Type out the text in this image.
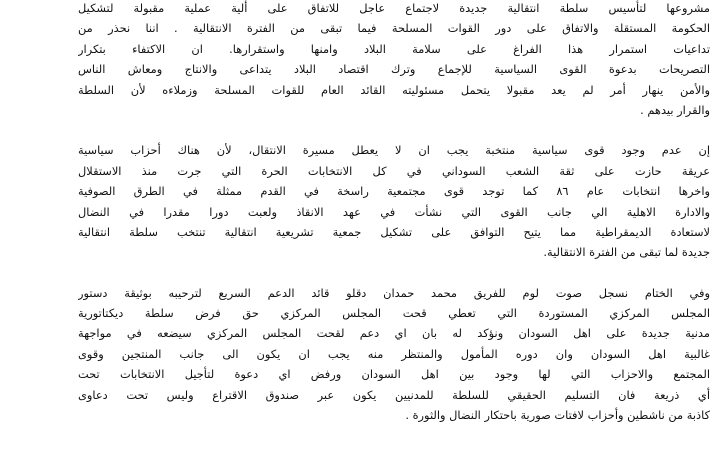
مشروعها لتأسيس سلطة انتقالية جديدة لاجتماع عاجل للاتفاق على ألية عملية مقبولة لتشكيل
الحكومة المستقلة والاتفاق على دور القوات المسلحة فيما تبقى من الفترة الانتقالية . اننا نحذر من
تداعيات استمرار هذا الفراغ على سلامة البلاد وامنها واستقرارها. ان الاكتفاء بتكرار
التصريحات بدعوة القوى السياسية للإجماع وترك اقتصاد البلاد يتداعى والانتاج ومعاش الناس
والأمن ينهار أمر لم يعد مقبولا يتحمل مسئوليته القائد العام للقوات المسلحة وزملاءه لأن السلطة
والقرار بيدهم .

إن عدم وجود قوى سياسية منتخبة يجب ان لا يعطل مسيرة الانتقال، لأن هناك أحزاب سياسية
عريقة حازت على ثقة الشعب السوداني في كل الانتخابات الحرة التي جرت منذ الاستقلال
واخرها انتخابات عام ٨٦ كما توجد قوى مجتمعية راسخة في القدم ممثلة في الطرق الصوفية
والادارة الاهلية الي جانب القوى التي نشأت في عهد الانقاذ ولعبت دورا مقدرا في النضال
لاستعادة الديمقراطية مما يتيح التوافق على تشكيل جمعية تشريعية انتقالية تنتخب سلطة انتقالية
جديدة لما تبقى من الفترة الانتقالية.

وفي الختام نسجل صوت لوم للفريق محمد حمدان دقلو قائد الدعم السريع لترحيبه بوثيقة دستور
المجلس المركزي المستوردة التي تعطي قحت المجلس المركزي حق فرض سلطة ديكتاتورية
مدنية جديدة على اهل السودان ونؤكد له بان اي دعم لقحت المجلس المركزي سيضعه في مواجهة
غالبية اهل السودان وان دوره المأمول والمنتظر منه يجب ان يكون الى جانب المنتجين وقوى
المجتمع والاحزاب التي لها وجود بين اهل السودان ورفض اي دعوة لتأجيل الانتخابات تحت
أي ذريعة فان التسليم الحقيقي للسلطة للمدنيين يكون عبر صندوق الاقتراع وليس تحت دعاوى
كاذبة من ناشطين وأحزاب لافتات صورية باحتكار النضال والثورة .
